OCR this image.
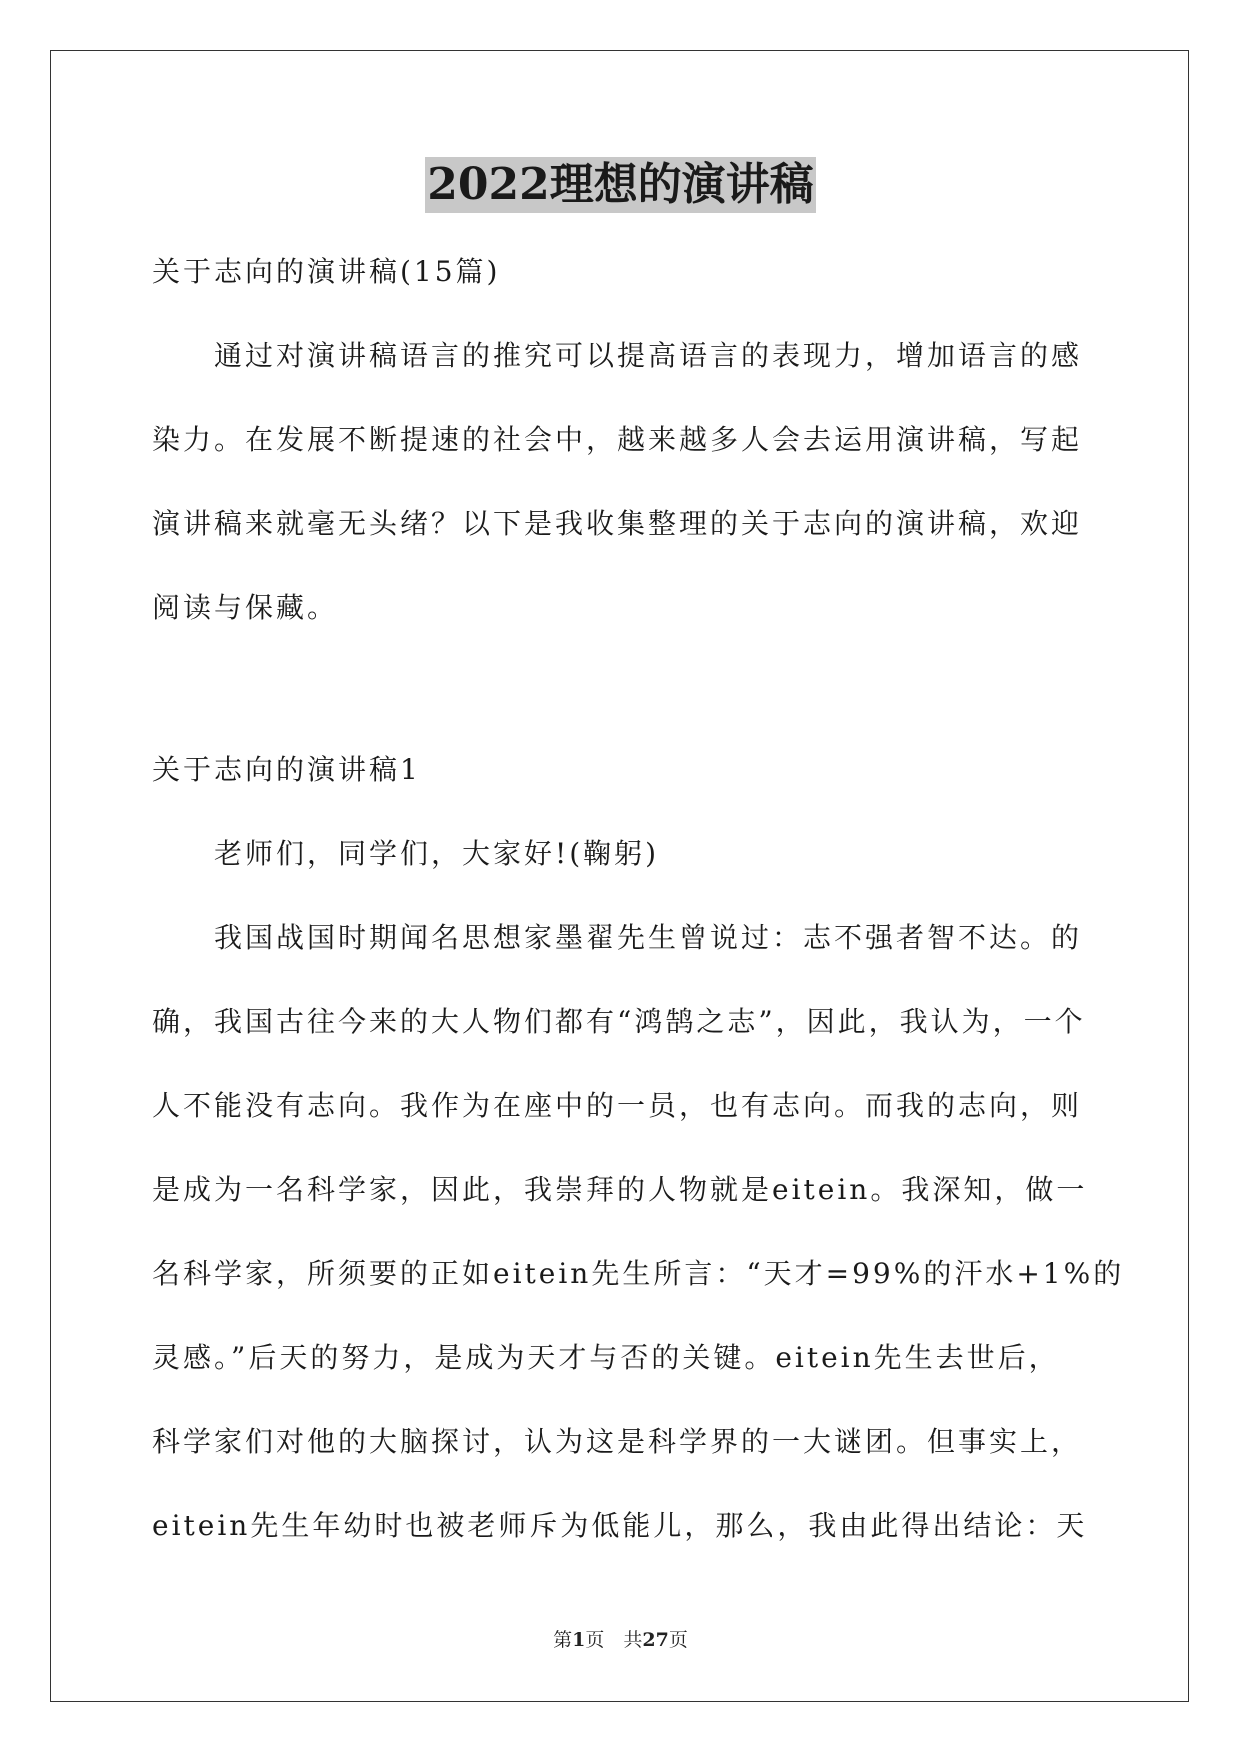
2022理想的演讲稿
关于志向的演讲稿(15篇)
通过对演讲稿语言的推究可以提高语言的表现力，增加语言的感
染力。在发展不断提速的社会中，越来越多人会去运用演讲稿，写起
演讲稿来就毫无头绪？以下是我收集整理的关于志向的演讲稿，欢迎
阅读与保藏。
关于志向的演讲稿1
老师们，同学们，大家好!(鞠躬)
我国战国时期闻名思想家墨翟先生曾说过：志不强者智不达。的
确，我国古往今来的大人物们都有“鸿鹄之志”，因此，我认为，一个
人不能没有志向。我作为在座中的一员，也有志向。而我的志向，则
是成为一名科学家，因此，我崇拜的人物就是eitein。我深知，做一
名科学家，所须要的正如eitein先生所言：“天才=99%的汗水+1%的
灵感。”后天的努力，是成为天才与否的关键。eitein先生去世后，
科学家们对他的大脑探讨，认为这是科学界的一大谜团。但事实上，
eitein先生年幼时也被老师斥为低能儿，那么，我由此得出结论：天
第1页　共27页
